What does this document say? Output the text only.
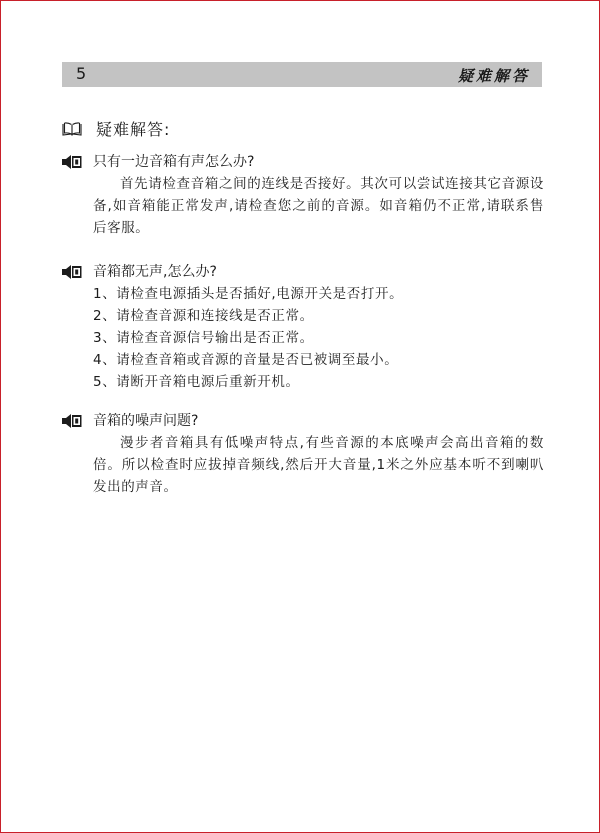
5	疑难解答
疑难解答:
只有一边音箱有声怎么办?

首先请检查音箱之间的连线是否接好。其次可以尝试连接其它音源设备,如音箱能正常发声,请检查您之前的音源。如音箱仍不正常,请联系售后客服。

音箱都无声,怎么办?
1、请检查电源插头是否插好,电源开关是否打开。
2、请检查音源和连接线是否正常。
3、请检查音源信号输出是否正常。
4、请检查音箱或音源的音量是否已被调至最小。
5、请断开音箱电源后重新开机。
音箱的噪声问题?

漫步者音箱具有低噪声特点,有些音源的本底噪声会高出音箱的数倍。所以检查时应拔掉音频线,然后开大音量,1米之外应基本听不到喇叭发出的声音。
